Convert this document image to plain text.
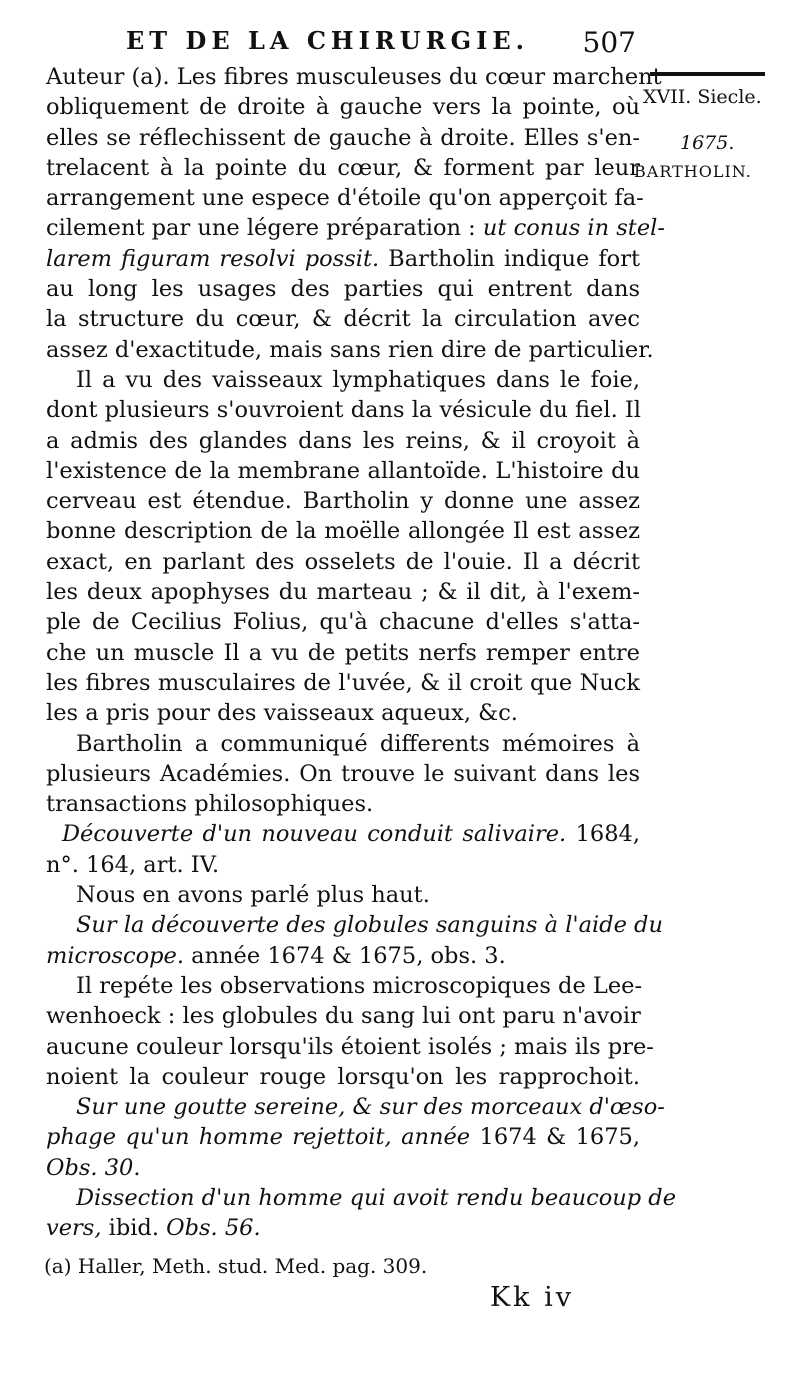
ET DE LA CHIRURGIE. 507
XVII. Siecle.
1675.
BARTHOLIN.
Auteur (a). Les fibres musculeuses du cœur marchent
obliquement de droite à gauche vers la pointe, où
elles se réflechissent de gauche à droite. Elles s'en-
trelacent à la pointe du cœur, & forment par leur
arrangement une espece d'étoile qu'on apperçoit fa-
cilement par une légere préparation : ut conus in stel-
larem figuram resolvi possit. Bartholin indique fort
au long les usages des parties qui entrent dans
la structure du cœur, & décrit la circulation avec
assez d'exactitude, mais sans rien dire de particulier.
Il a vu des vaisseaux lymphatiques dans le foie,
dont plusieurs s'ouvroient dans la vésicule du fiel. Il
a admis des glandes dans les reins, & il croyoit à
l'existence de la membrane allantoïde. L'histoire du
cerveau est étendue. Bartholin y donne une assez
bonne description de la moëlle allongée Il est assez
exact, en parlant des osselets de l'ouie. Il a décrit
les deux apophyses du marteau ; & il dit, à l'exem-
ple de Cecilius Folius, qu'à chacune d'elles s'atta-
che un muscle Il a vu de petits nerfs remper entre
les fibres musculaires de l'uvée, & il croit que Nuck
les a pris pour des vaisseaux aqueux, &c.
Bartholin a communiqué differents mémoires à
plusieurs Académies. On trouve le suivant dans les
transactions philosophiques.
Découverte d'un nouveau conduit salivaire. 1684,
n°. 164, art. IV.
Nous en avons parlé plus haut.
Sur la découverte des globules sanguins à l'aide du
microscope. année 1674 & 1675, obs. 3.
Il repéte les observations microscopiques de Lee-
wenhoeck : les globules du sang lui ont paru n'avoir
aucune couleur lorsqu'ils étoient isolés ; mais ils pre-
noient la couleur rouge lorsqu'on les rapprochoit.
Sur une goutte sereine, & sur des morceaux d'œso-
phage qu'un homme rejettoit, année 1674 & 1675,
Obs. 30.
Dissection d'un homme qui avoit rendu beaucoup de
vers, ibid. Obs. 56.
(a) Haller, Meth. stud. Med. pag. 309.
Kk iv
